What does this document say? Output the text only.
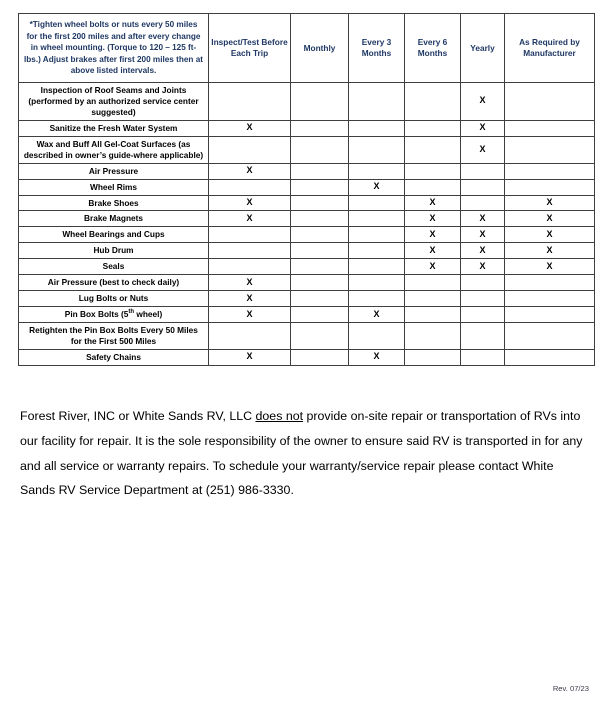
*Tighten wheel bolts or nuts every 50 miles for the first 200 miles and after every change in wheel mounting. (Torque to 120 – 125 ft-lbs.) Adjust brakes after first 200 miles then at above listed intervals.	Inspect/Test Before Each Trip	Monthly	Every 3 Months	Every 6 Months	Yearly	As Required by Manufacturer
Inspection of Roof Seams and Joints (performed by an authorized service center suggested)					X	
Sanitize the Fresh Water System	X				X	
Wax and Buff All Gel-Coat Surfaces (as described in owner’s guide-where applicable)					X	
Air Pressure	X					
Wheel Rims			X			
Brake Shoes	X			X		X
Brake Magnets	X			X	X	X
Wheel Bearings and Cups				X	X	X
Hub Drum				X	X	X
Seals				X	X	X
Air Pressure (best to check daily)	X					
Lug Bolts or Nuts	X					
Pin Box Bolts (5th wheel)	X		X			
Retighten the Pin Box Bolts Every 50 Miles for the First 500 Miles						
Safety Chains	X		X			
Forest River, INC or White Sands RV, LLC does not provide on-site repair or transportation of RVs into our facility for repair. It is the sole responsibility of the owner to ensure said RV is transported in for any and all service or warranty repairs. To schedule your warranty/service repair please contact White Sands RV Service Department at (251) 986-3330.
Rev. 07/23
